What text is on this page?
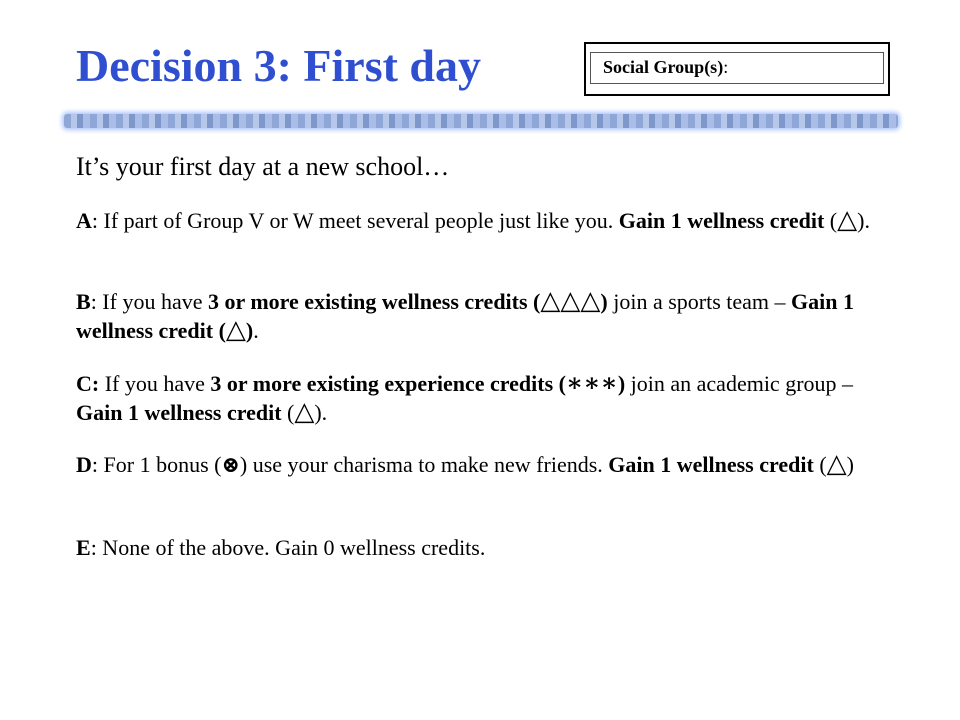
Decision 3: First day	Social Group(s):
It’s your first day at a new school…

A: If part of Group V or W meet several people just like you. Gain 1 wellness credit (△).

B: If you have 3 or more existing wellness credits (△△△) join a sports team – Gain 1 wellness credit (△).

C: If you have 3 or more existing experience credits (∗∗∗) join an academic group – Gain 1 wellness credit (△).

D: For 1 bonus (⊗) use your charisma to make new friends. Gain 1 wellness credit (△)

E: None of the above. Gain 0 wellness credits.
